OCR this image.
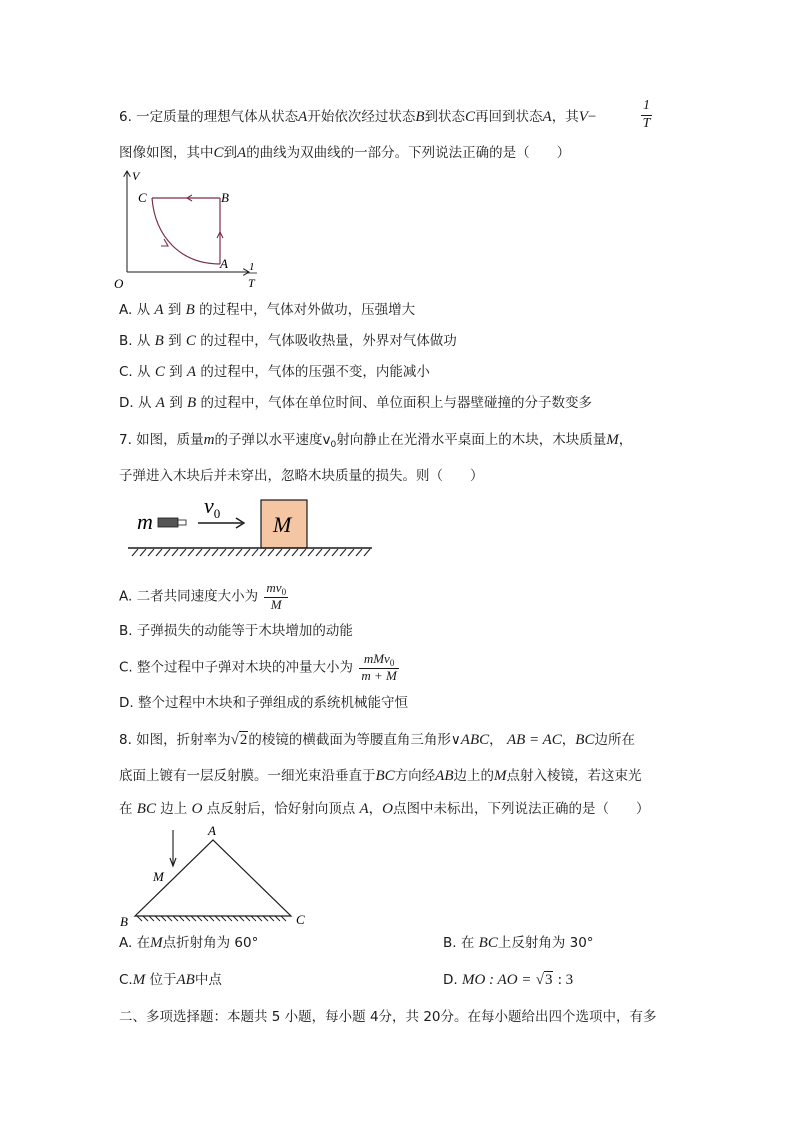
6. 一定质量的理想气体从状态A开始依次经过状态B到状态C再回到状态A，其V−
1
T
图像如图，其中C到A的曲线为双曲线的一部分。下列说法正确的是（　　）
V
O
C	B
A 1
T
A. 从 A 到 B 的过程中，气体对外做功，压强增大
B. 从 B 到 C 的过程中，气体吸收热量，外界对气体做功
C. 从 C 到 A 的过程中，气体的压强不变，内能减小
D. 从 A 到 B 的过程中，气体在单位时间、单位面积上与器壁碰撞的分子数变多
7. 如图，质量m的子弹以水平速度$v_0$射向静止在光滑水平桌面上的木块，木块质量M，
子弹进入木块后并未穿出，忽略木块质量的损失。则（　　）
m
$v_0$ M
A. 二者共同速度大小为 $\frac{mv_0}{M}$
B. 子弹损失的动能等于木块增加的动能
C. 整个过程中子弹对木块的冲量大小为 $\frac{mMv_0}{m + M}$
D. 整个过程中木块和子弹组成的系统机械能守恒
8. 如图，折射率为√2的棱镜的横截面为等腰直角三角形∨ABC， AB = AC，BC边所在
底面上镀有一层反射膜。一细光束沿垂直于BC方向经AB边上的M点射入棱镜，若这束光
在 BC 边上 O 点反射后，恰好射向顶点 A，O点图中未标出，下列说法正确的是（　　）
A
B	C
M
A. 在M点折射角为 60°	B. 在 BC上反射角为 30°
C.M 位于AB中点	D. MO : AO = √3 : 3
二、多项选择题：本题共 5 小题，每小题 4分，共 20分。在每小题给出四个选项中，有多
